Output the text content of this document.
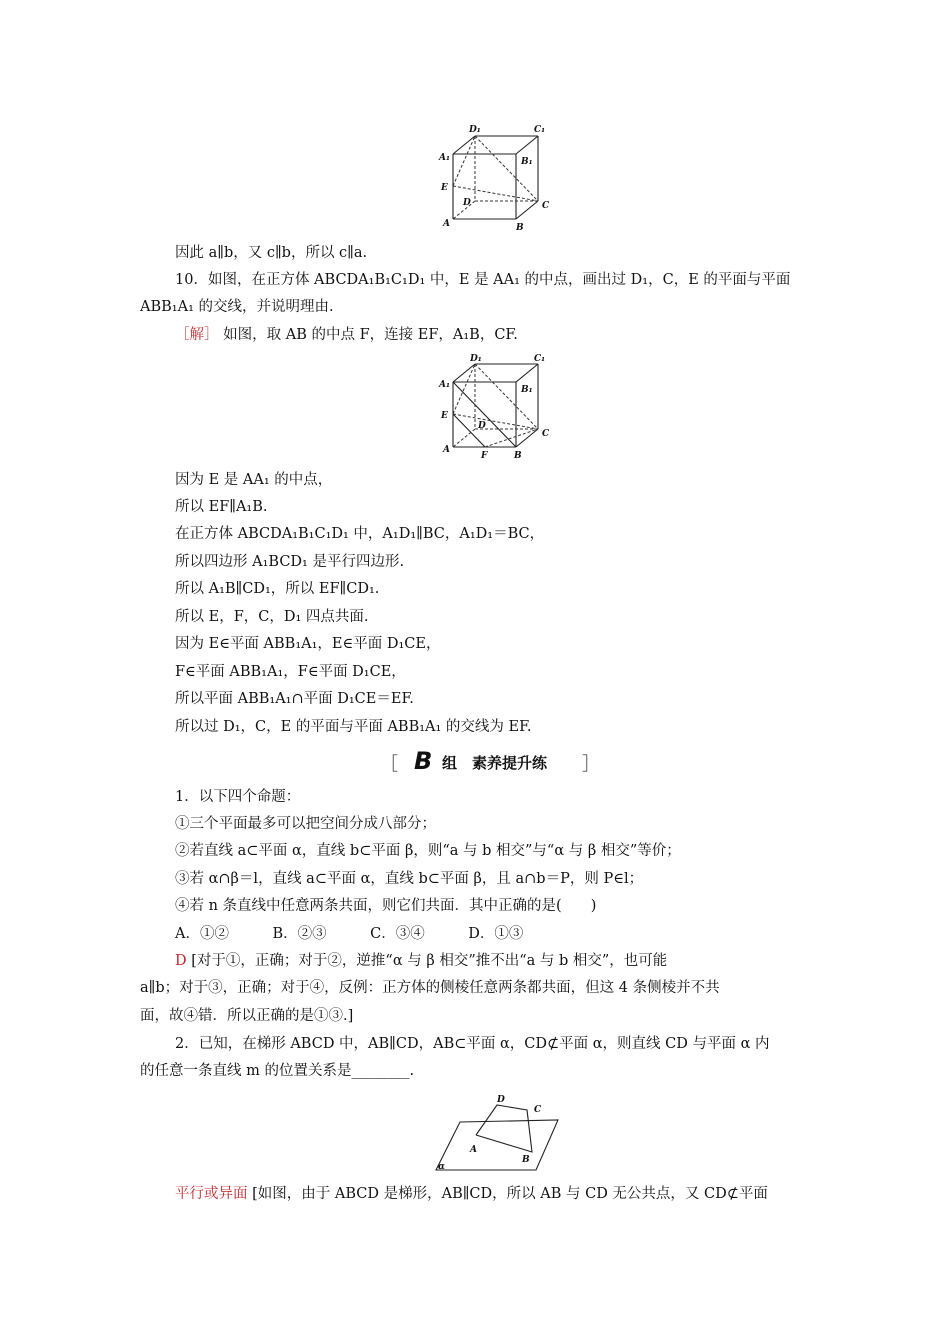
D₁	C₁
A₁	B₁
E
D	C
A	B
因此 a∥b，又 c∥b，所以 c∥a.
10．如图，在正方体 ABCDA₁B₁C₁D₁ 中，E 是 AA₁ 的中点，画出过 D₁，C，E 的平面与平面
ABB₁A₁ 的交线，并说明理由.
［解］ 如图，取 AB 的中点 F，连接 EF，A₁B，CF.
D₁	C₁
A₁	B₁
E
D
C
A
F	B
因为 E 是 AA₁ 的中点，
所以 EF∥A₁B.
在正方体 ABCDA₁B₁C₁D₁ 中，A₁D₁∥BC，A₁D₁＝BC，
所以四边形 A₁BCD₁ 是平行四边形.
所以 A₁B∥CD₁，所以 EF∥CD₁.
所以 E，F，C，D₁ 四点共面.
因为 E∈平面 ABB₁A₁，E∈平面 D₁CE，
F∈平面 ABB₁A₁，F∈平面 D₁CE，
所以平面 ABB₁A₁∩平面 D₁CE＝EF.
所以过 D₁，C，E 的平面与平面 ABB₁A₁ 的交线为 EF.
［ B 组　素养提升练 ］
1．以下四个命题：
①三个平面最多可以把空间分成八部分；
②若直线 a⊂平面 α，直线 b⊂平面 β，则“a 与 b 相交”与“α 与 β 相交”等价；
③若 α∩β＝l，直线 a⊂平面 α，直线 b⊂平面 β，且 a∩b＝P，则 P∈l；
④若 n 条直线中任意两条共面，则它们共面．其中正确的是(　　)
A．①②　　　B．②③　　　C．③④　　　D．①③
D [对于①，正确；对于②，逆推“α 与 β 相交”推不出“a 与 b 相交”，也可能
a∥b；对于③，正确；对于④，反例：正方体的侧棱任意两条都共面，但这 4 条侧棱并不共
面，故④错．所以正确的是①③.]
2．已知，在梯形 ABCD 中，AB∥CD，AB⊂平面 α，CD⊄平面 α，则直线 CD 与平面 α 内
的任意一条直线 m 的位置关系是________.
D
C
A
B
α
平行或异面 [如图，由于 ABCD 是梯形，AB∥CD，所以 AB 与 CD 无公共点，又 CD⊄平面
